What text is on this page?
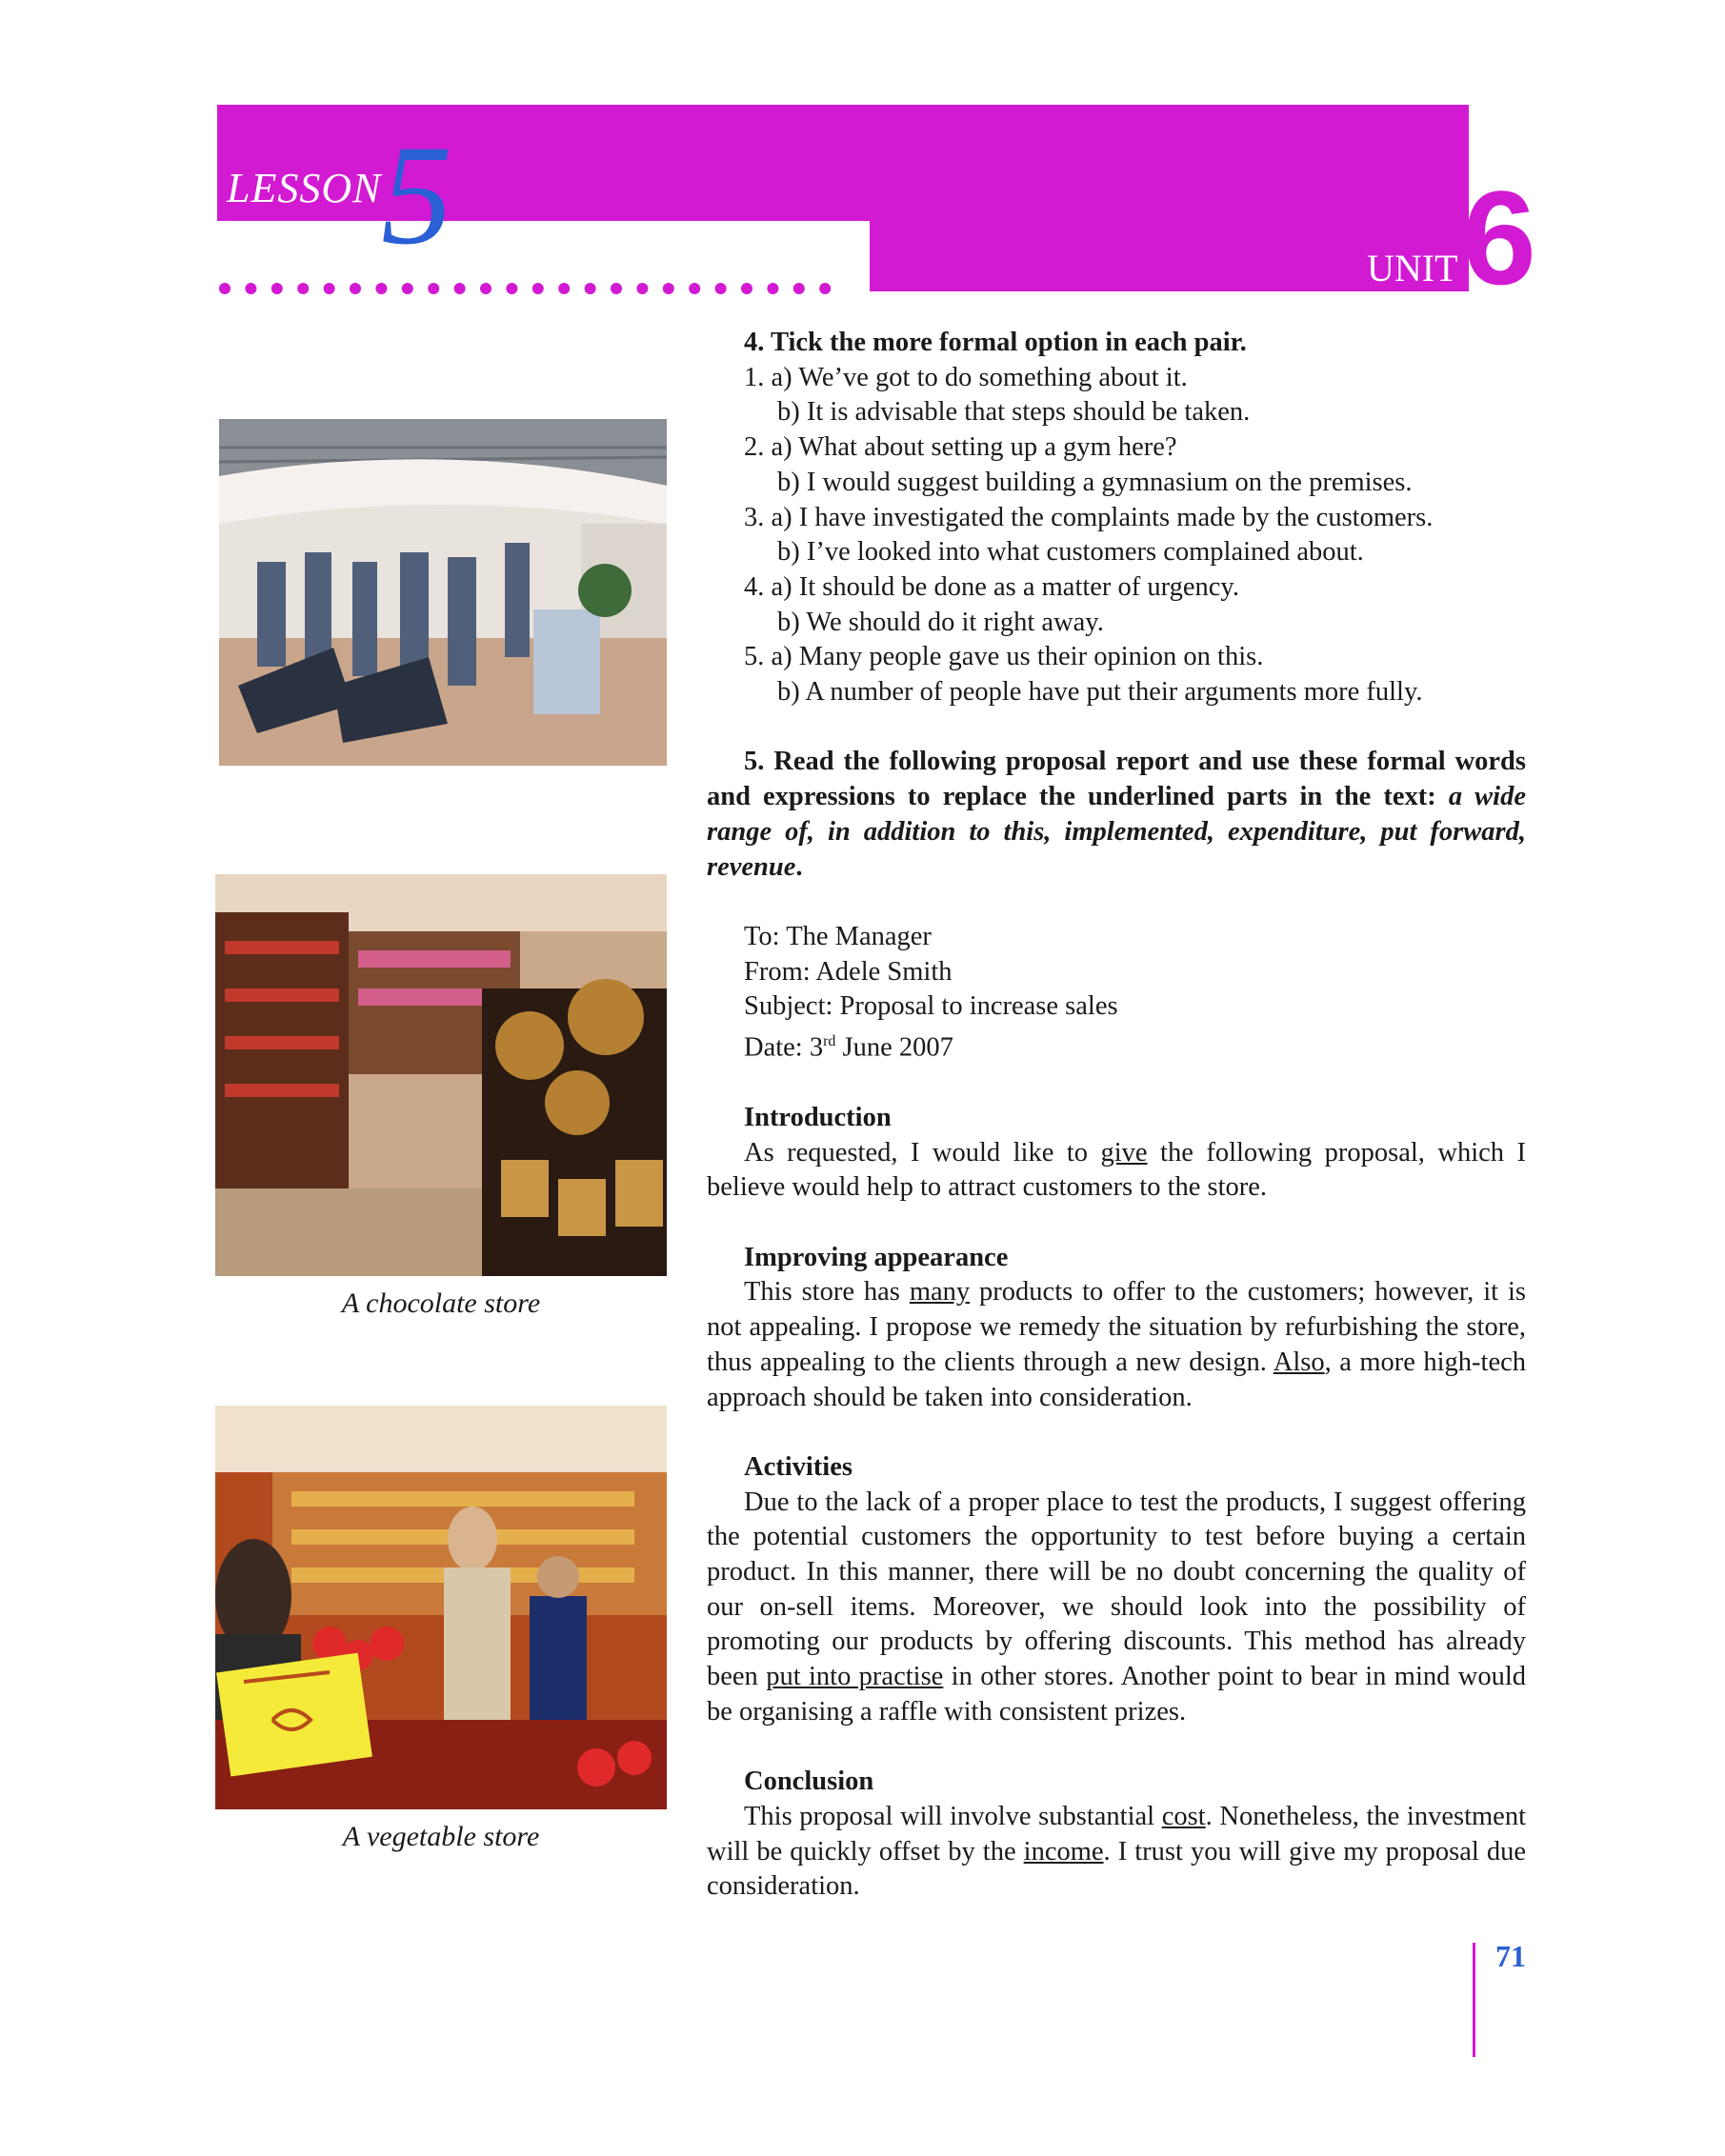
LESSON 5	UNIT 6
A chocolate store
A vegetable store

4. Tick the more formal option in each pair.

1. a) We’ve got to do something about it.

b) It is advisable that steps should be taken.

2. a) What about setting up a gym here?

b) I would suggest building a gymnasium on the premises.

3. a) I have investigated the complaints made by the customers.

b) I’ve looked into what customers complained about.

4. a) It should be done as a matter of urgency.

b) We should do it right away.

5. a) Many people gave us their opinion on this.

b) A number of people have put their arguments more fully.

5. Read the following proposal report and use these formal words and expressions to replace the underlined parts in the text: a wide range of, in addition to this, implemented, expenditure, put forward, revenue.

To: The Manager

From: Adele Smith

Subject: Proposal to increase sales

Date: 3rd June 2007

Introduction

As requested, I would like to give the following proposal, which I believe would help to attract customers to the store.

Improving appearance

This store has many products to offer to the customers; however, it is not appealing. I propose we remedy the situation by refurbishing the store, thus appealing to the clients through a new design. Also, a more high-tech approach should be taken into consideration.

Activities

Due to the lack of a proper place to test the products, I suggest offering the potential customers the opportunity to test before buying a certain product. In this manner, there will be no doubt concerning the quality of our on-sell items. Moreover, we should look into the possibility of promoting our products by offering discounts. This method has already been put into practise in other stores. Another point to bear in mind would be organising a raffle with consistent prizes.

Conclusion

This proposal will involve substantial cost. Nonetheless, the investment will be quickly offset by the income. I trust you will give my proposal due consideration.

71
